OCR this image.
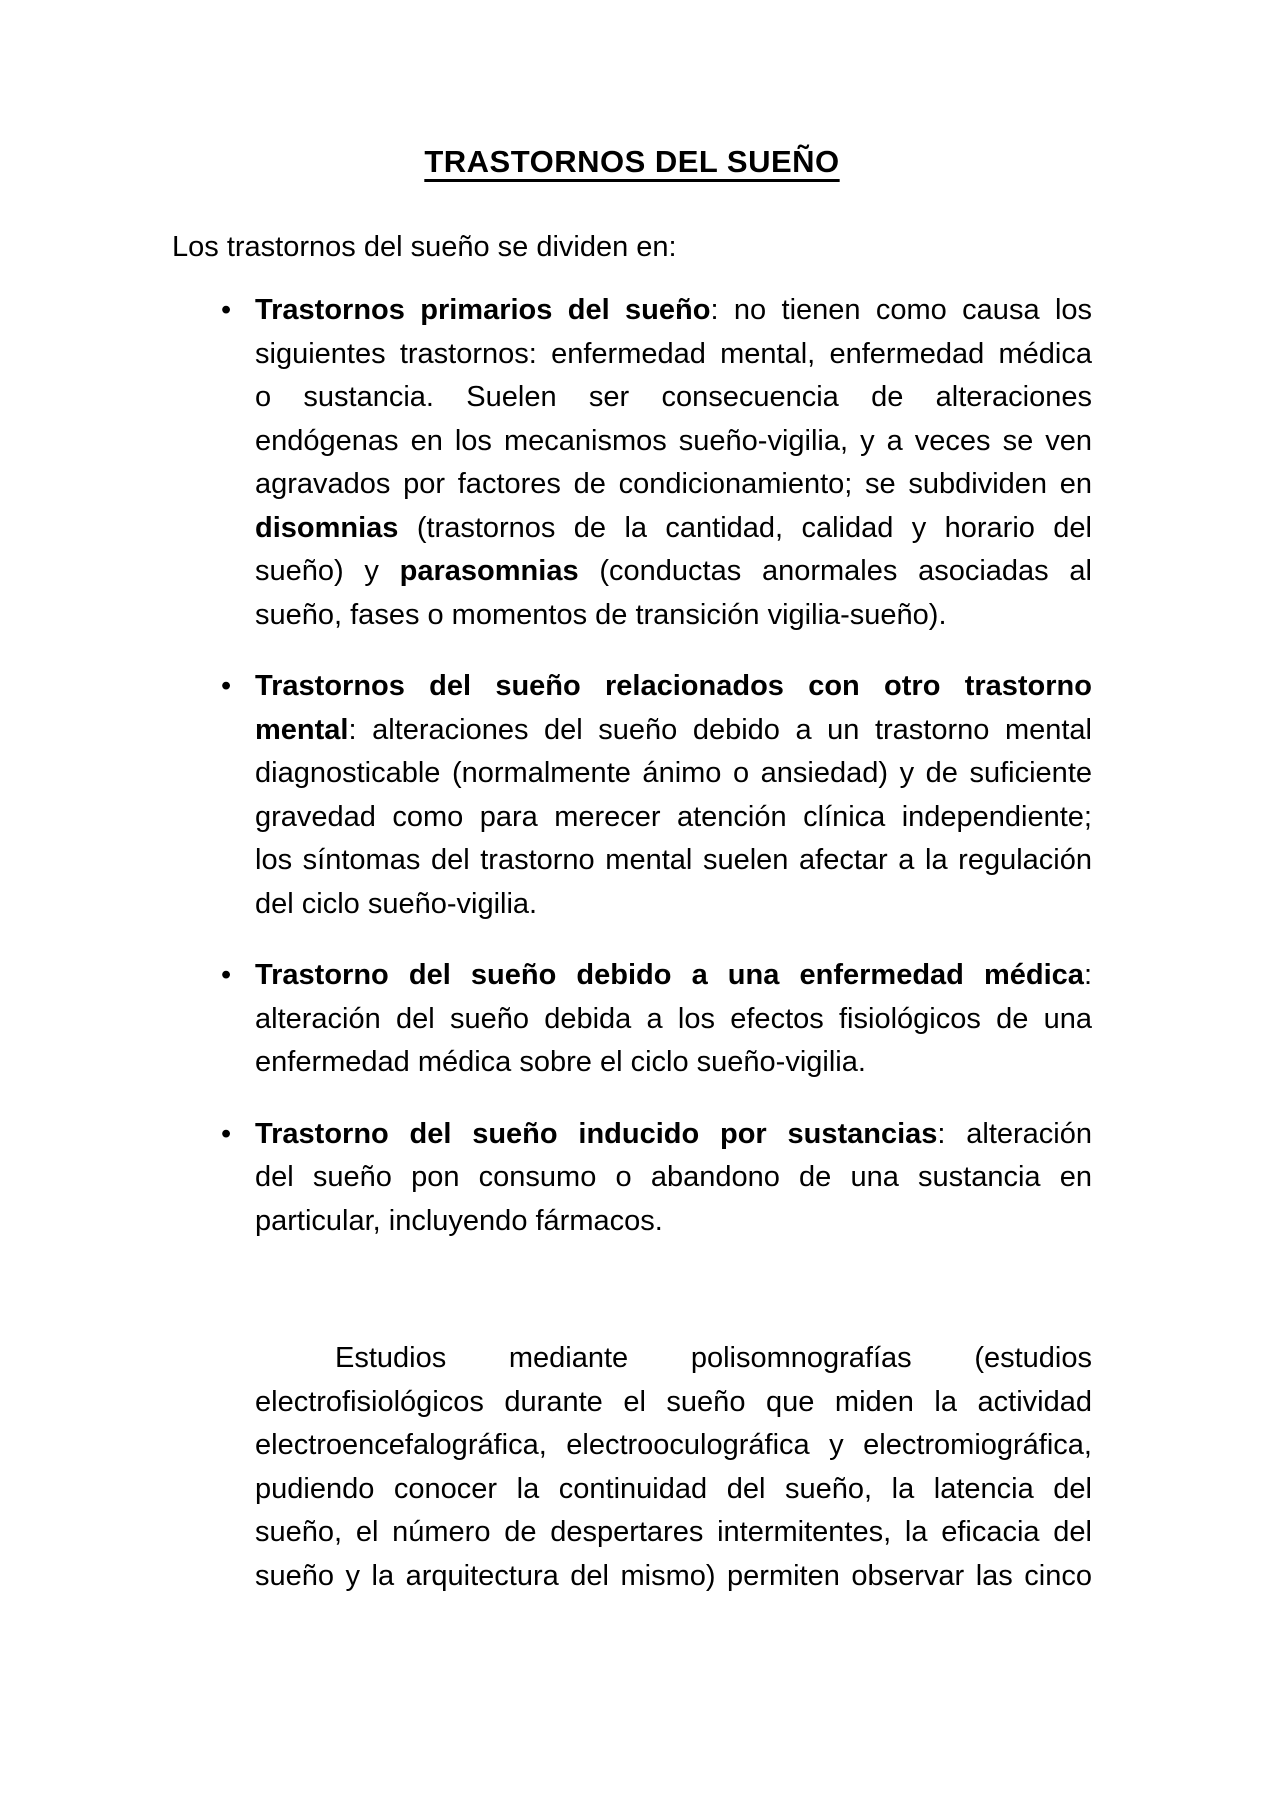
TRASTORNOS DEL SUEÑO

Los trastornos del sueño se dividen en:

• Trastornos primarios del sueño: no tienen como causa los
siguientes trastornos: enfermedad mental, enfermedad médica
o sustancia. Suelen ser consecuencia de alteraciones
endógenas en los mecanismos sueño-vigilia, y a veces se ven
agravados por factores de condicionamiento; se subdividen en
disomnias (trastornos de la cantidad, calidad y horario del
sueño) y parasomnias (conductas anormales asociadas al
sueño, fases o momentos de transición vigilia-sueño).
• Trastornos del sueño relacionados con otro trastorno
mental: alteraciones del sueño debido a un trastorno mental
diagnosticable (normalmente ánimo o ansiedad) y de suficiente
gravedad como para merecer atención clínica independiente;
los síntomas del trastorno mental suelen afectar a la regulación
del ciclo sueño-vigilia.
• Trastorno del sueño debido a una enfermedad médica:
alteración del sueño debida a los efectos fisiológicos de una
enfermedad médica sobre el ciclo sueño-vigilia.
• Trastorno del sueño inducido por sustancias: alteración
del sueño pon consumo o abandono de una sustancia en
particular, incluyendo fármacos.
Estudios mediante polisomnografías (estudios
electrofisiológicos durante el sueño que miden la actividad
electroencefalográfica, electrooculográfica y electromiográfica,
pudiendo conocer la continuidad del sueño, la latencia del
sueño, el número de despertares intermitentes, la eficacia del
sueño y la arquitectura del mismo) permiten observar las cinco
